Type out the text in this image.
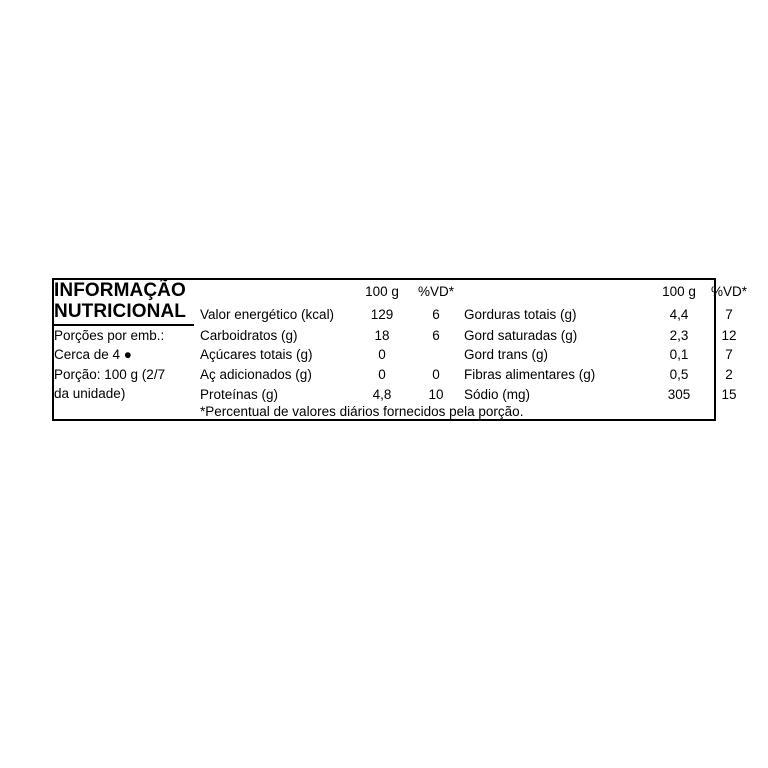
INFORMAÇÃO NUTRICIONAL		100 g	%VD*		100 g	%VD*
	Valor energético (kcal)	129	6	Gorduras totais (g)	4,4	7

Porções por emb.:
Cerca de 4 ●
Porção: 100 g (2/7
da unidade)	Carboidratos (g)	18	6	Gord saturadas (g)	2,3	12
	Açúcares totais (g)	0		Gord trans (g)	0,1	7
	Aç adicionados (g)	0	0	Fibras alimentares (g)	0,5	2
	Proteínas (g)	4,8	10	Sódio (mg)	305	15
	*Percentual de valores diários fornecidos pela porção.					
